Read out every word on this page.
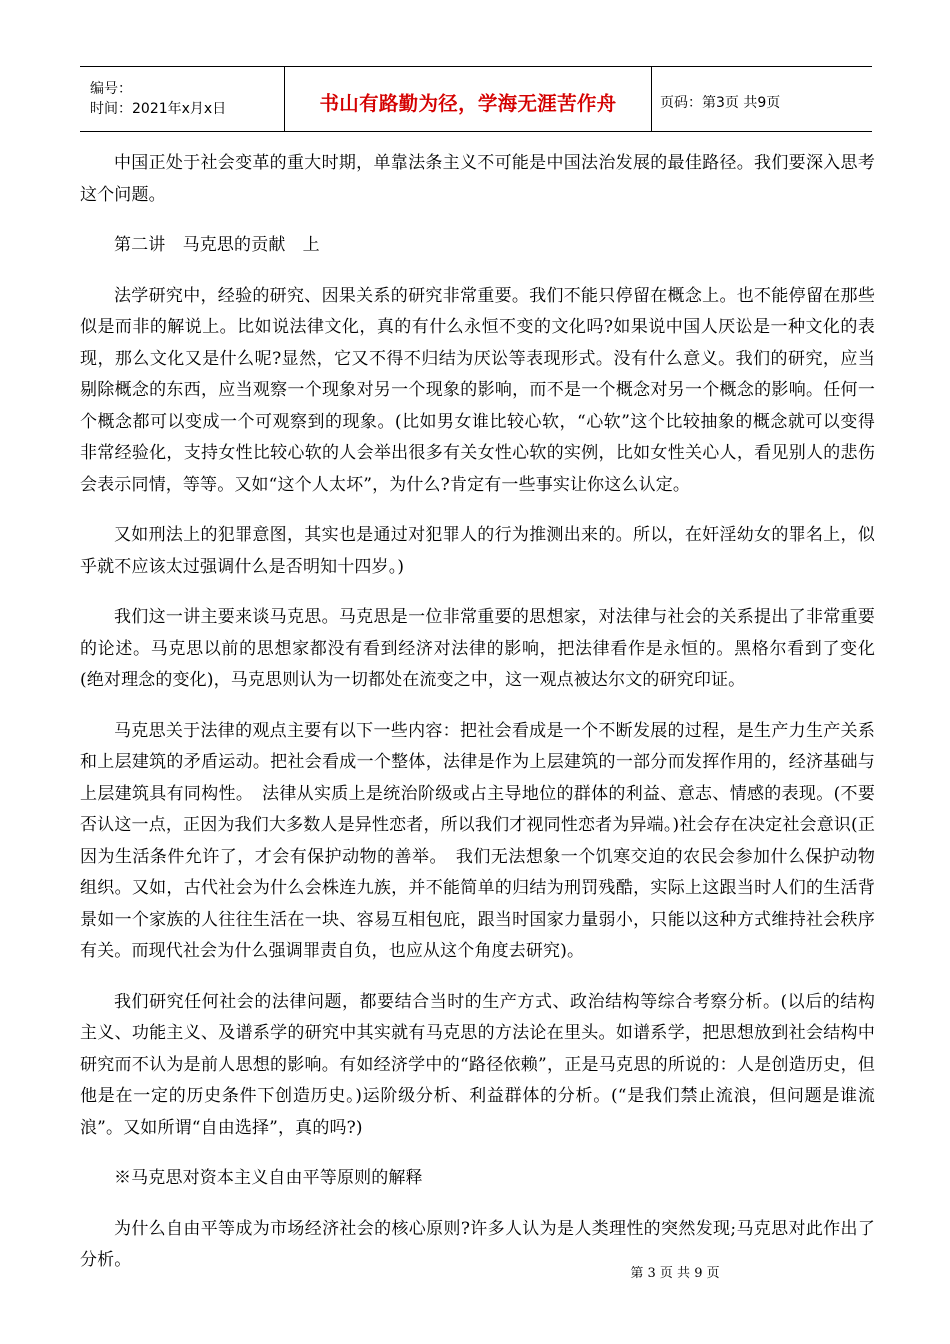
编号：
时间：2021年x月x日	书山有路勤为径，学海无涯苦作舟	页码：第3页 共9页

中国正处于社会变革的重大时期，单靠法条主义不可能是中国法治发展的最佳路径。我们要深入思考这个问题。

第二讲　马克思的贡献　上

法学研究中，经验的研究、因果关系的研究非常重要。我们不能只停留在概念上。也不能停留在那些似是而非的解说上。比如说法律文化，真的有什么永恒不变的文化吗?如果说中国人厌讼是一种文化的表现，那么文化又是什么呢?显然，它又不得不归结为厌讼等表现形式。没有什么意义。我们的研究，应当剔除概念的东西，应当观察一个现象对另一个现象的影响，而不是一个概念对另一个概念的影响。任何一个概念都可以变成一个可观察到的现象。(比如男女谁比较心软，“心软”这个比较抽象的概念就可以变得非常经验化，支持女性比较心软的人会举出很多有关女性心软的实例，比如女性关心人，看见别人的悲伤会表示同情，等等。又如“这个人太坏”，为什么?肯定有一些事实让你这么认定。

又如刑法上的犯罪意图，其实也是通过对犯罪人的行为推测出来的。所以，在奸淫幼女的罪名上，似乎就不应该太过强调什么是否明知十四岁。)

我们这一讲主要来谈马克思。马克思是一位非常重要的思想家，对法律与社会的关系提出了非常重要的论述。马克思以前的思想家都没有看到经济对法律的影响，把法律看作是永恒的。黑格尔看到了变化(绝对理念的变化)，马克思则认为一切都处在流变之中，这一观点被达尔文的研究印证。

马克思关于法律的观点主要有以下一些内容：把社会看成是一个不断发展的过程，是生产力生产关系和上层建筑的矛盾运动。把社会看成一个整体，法律是作为上层建筑的一部分而发挥作用的，经济基础与上层建筑具有同构性。　法律从实质上是统治阶级或占主导地位的群体的利益、意志、情感的表现。(不要否认这一点，正因为我们大多数人是异性恋者，所以我们才视同性恋者为异端。)社会存在决定社会意识(正因为生活条件允许了，才会有保护动物的善举。　我们无法想象一个饥寒交迫的农民会参加什么保护动物组织。又如，古代社会为什么会株连九族，并不能简单的归结为刑罚残酷，实际上这跟当时人们的生活背景如一个家族的人往往生活在一块、容易互相包庇，跟当时国家力量弱小，只能以这种方式维持社会秩序有关。而现代社会为什么强调罪责自负，也应从这个角度去研究)。

我们研究任何社会的法律问题，都要结合当时的生产方式、政治结构等综合考察分析。(以后的结构主义、功能主义、及谱系学的研究中其实就有马克思的方法论在里头。如谱系学，把思想放到社会结构中研究而不认为是前人思想的影响。有如经济学中的“路径依赖”，正是马克思的所说的：人是创造历史，但他是在一定的历史条件下创造历史。)运阶级分析、利益群体的分析。(“是我们禁止流浪，但问题是谁流浪”。又如所谓“自由选择”，真的吗?)

※马克思对资本主义自由平等原则的解释

为什么自由平等成为市场经济社会的核心原则?许多人认为是人类理性的突然发现;马克思对此作出了分析。

第 3 页 共 9 页
